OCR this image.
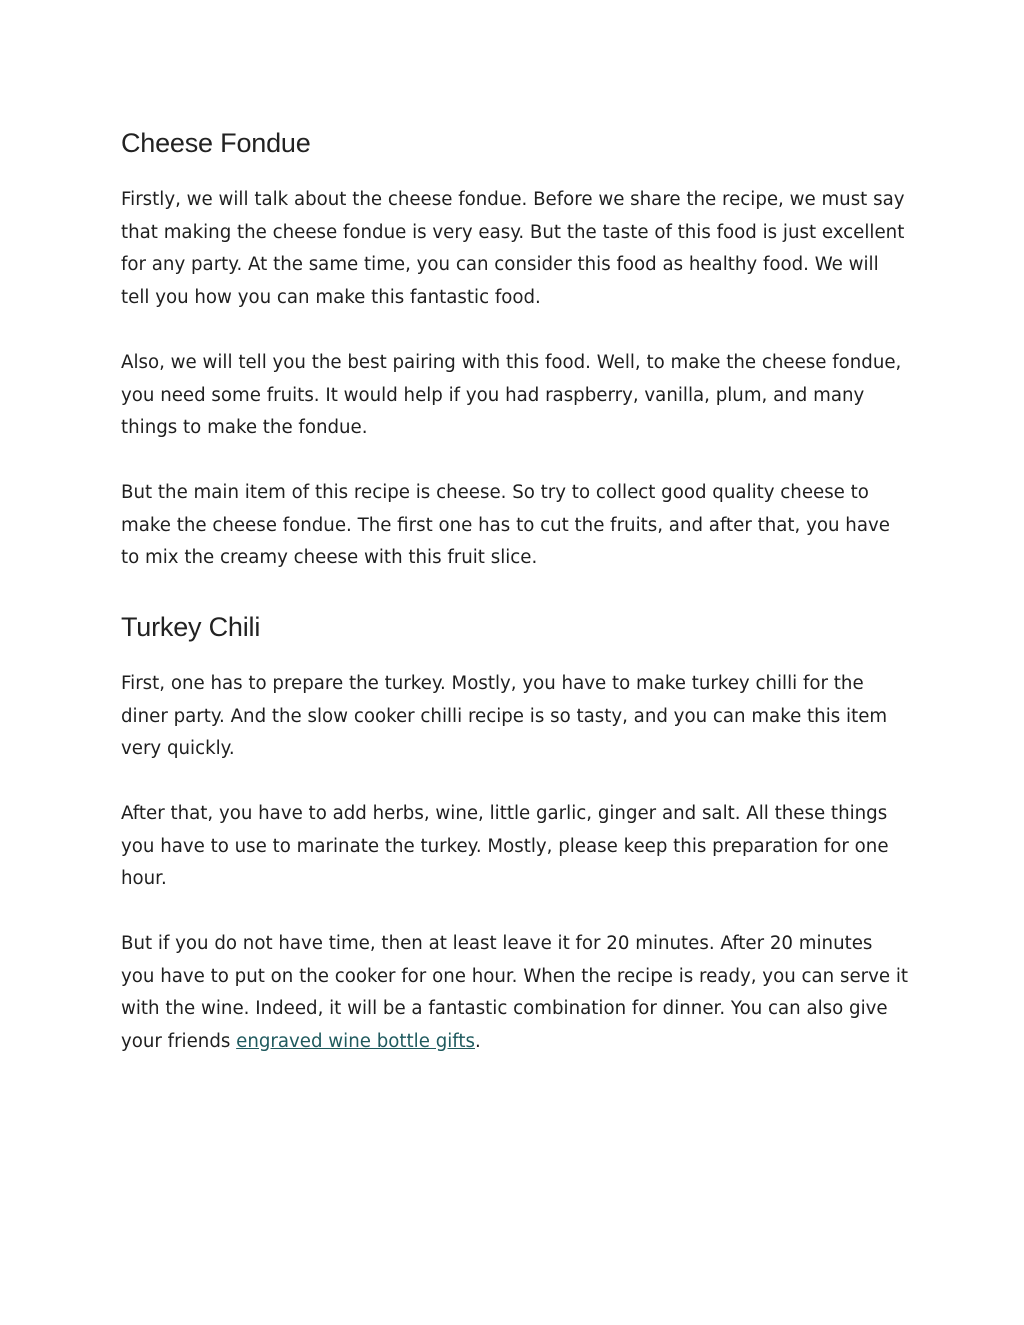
Cheese Fondue

Firstly, we will talk about the cheese fondue. Before we share the recipe, we must say that making the cheese fondue is very easy. But the taste of this food is just excellent for any party. At the same time, you can consider this food as healthy food. We will tell you how you can make this fantastic food.

Also, we will tell you the best pairing with this food. Well, to make the cheese fondue, you need some fruits. It would help if you had raspberry, vanilla, plum, and many things to make the fondue.

But the main item of this recipe is cheese. So try to collect good quality cheese to make the cheese fondue. The first one has to cut the fruits, and after that, you have to mix the creamy cheese with this fruit slice.

Turkey Chili

First, one has to prepare the turkey. Mostly, you have to make turkey chilli for the diner party. And the slow cooker chilli recipe is so tasty, and you can make this item very quickly.

After that, you have to add herbs, wine, little garlic, ginger and salt. All these things you have to use to marinate the turkey. Mostly, please keep this preparation for one hour.

But if you do not have time, then at least leave it for 20 minutes. After 20 minutes you have to put on the cooker for one hour. When the recipe is ready, you can serve it with the wine. Indeed, it will be a fantastic combination for dinner. You can also give your friends engraved wine bottle gifts.
